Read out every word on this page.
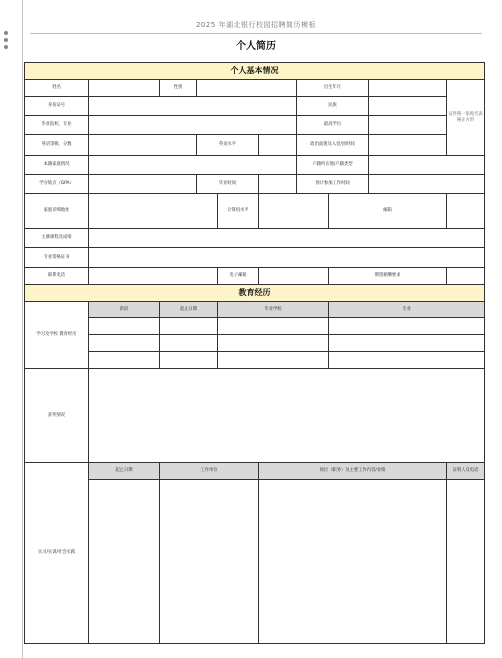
2025 年湖北银行校园招聘简历模板
个人简历
个人基本情况									
姓名		性别				出生年月			证件照一张贴至表格正方形
身份证号						民族			
毕业院校、专业						最高学历			
英语等级、分数			英语水平			政治面貌及入党/团时间			
本籍家庭情况						户籍所在地/户籍类型			
学分绩点（GPA）			毕业时间			预计参加工作时间			
家庭详细地址				计算机水平			邮箱		
主修课程及成绩									
专业资格证书									
联系电话				电子邮箱			期望薪酬要求		
教育经历									
学习及学校 教育经历	阶段	起止日期		毕业学校			专业		

获奖情况									
实习/实训/社会实践	起止日期	工作单位			岗位（职务）及主要工作内容/业绩				证明人及电话
